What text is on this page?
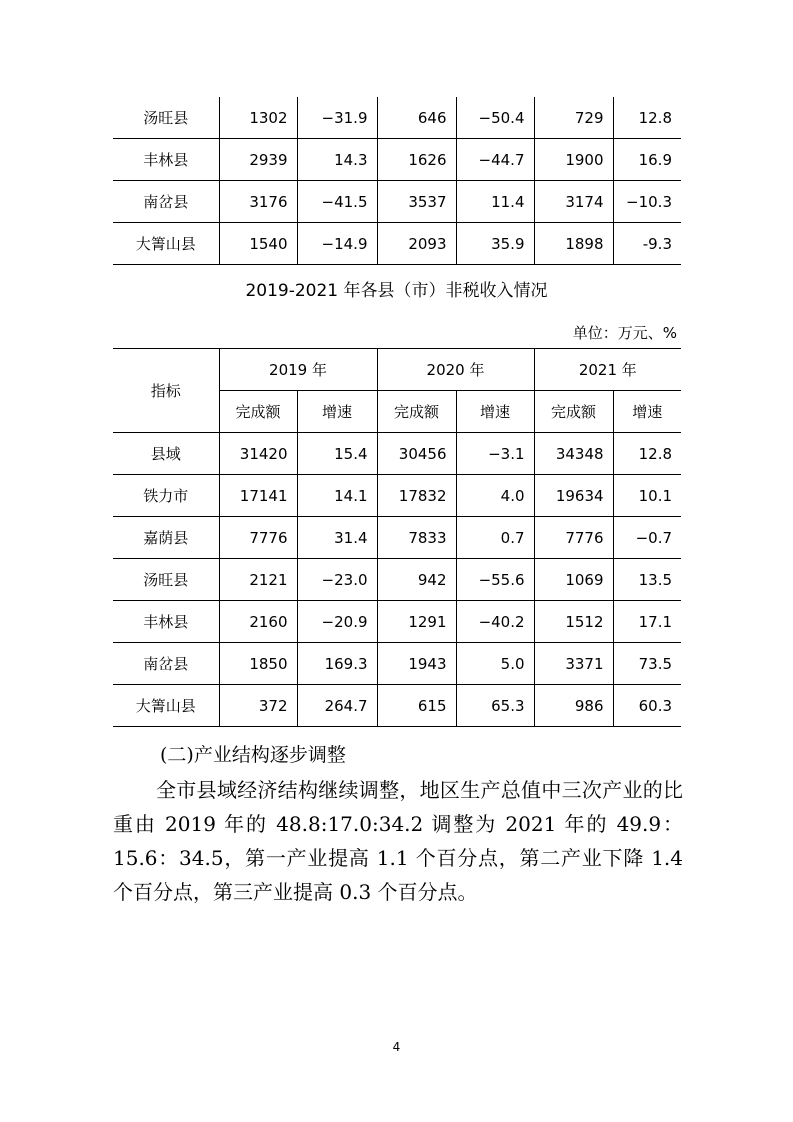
汤旺县	1302	−31.9	646	−50.4	729	12.8
丰林县	2939	14.3	1626	−44.7	1900	16.9
南岔县	3176	−41.5	3537	11.4	3174	−10.3
大箐山县	1540	−14.9	2093	35.9	1898	-9.3
2019-2021 年各县（市）非税收入情况
单位：万元、%
指标	2019 年		2020 年		2021 年	
	完成额	增速	完成额	增速	完成额	增速
县域	31420	15.4	30456	−3.1	34348	12.8
铁力市	17141	14.1	17832	4.0	19634	10.1
嘉荫县	7776	31.4	7833	0.7	7776	−0.7
汤旺县	2121	−23.0	942	−55.6	1069	13.5
丰林县	2160	−20.9	1291	−40.2	1512	17.1
南岔县	1850	169.3	1943	5.0	3371	73.5
大箐山县	372	264.7	615	65.3	986	60.3
(二)产业结构逐步调整
全市县域经济结构继续调整，地区生产总值中三次产业的比重由 2019 年的 48.8:17.0:34.2 调整为 2021 年的 49.9：15.6：34.5，第一产业提高 1.1 个百分点，第二产业下降 1.4 个百分点，第三产业提高 0.3 个百分点。
4
